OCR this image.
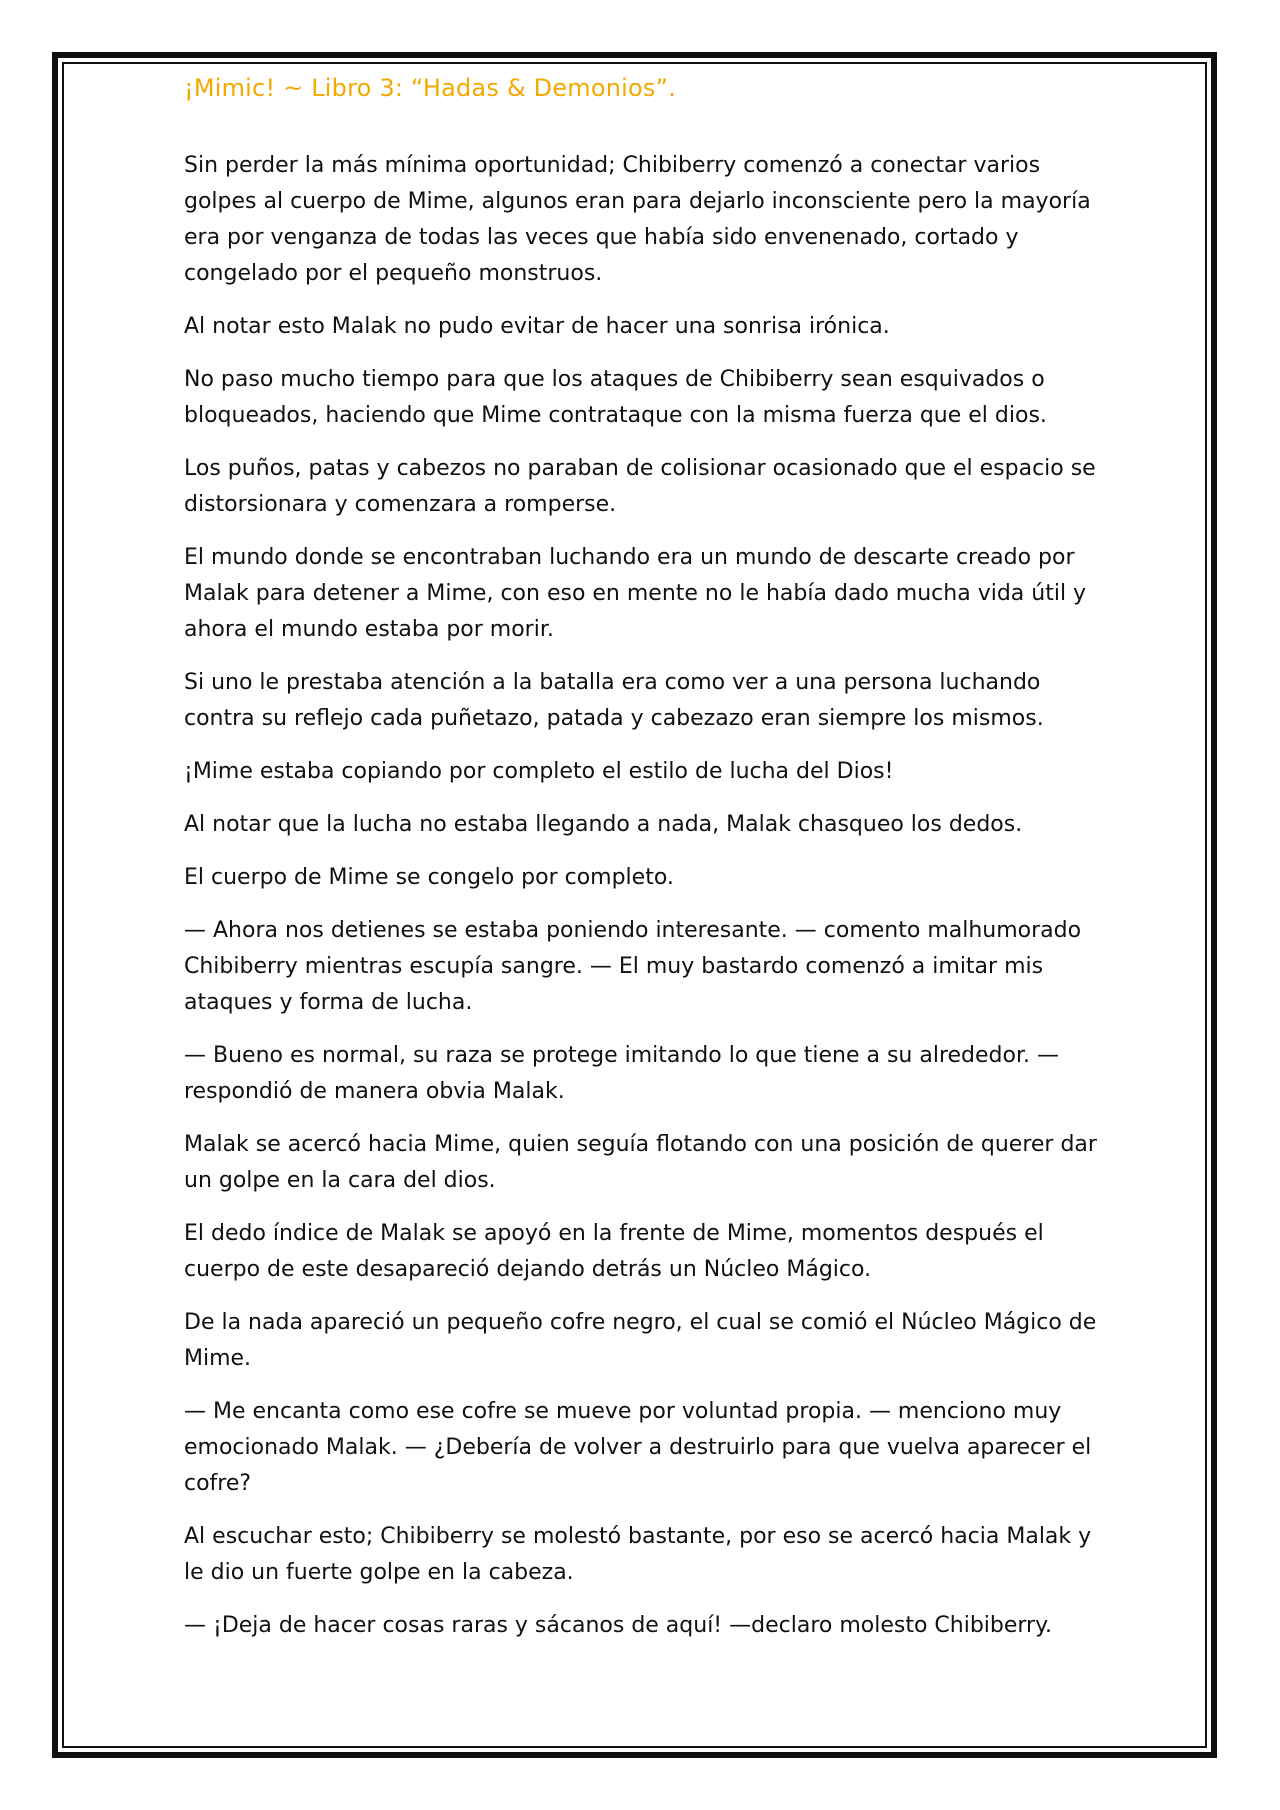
¡Mimic! ~ Libro 3: “Hadas & Demonios”.

Sin perder la más mínima oportunidad; Chibiberry comenzó a conectar varios golpes al cuerpo de Mime, algunos eran para dejarlo inconsciente pero la mayoría era por venganza de todas las veces que había sido envenenado, cortado y congelado por el pequeño monstruos.

Al notar esto Malak no pudo evitar de hacer una sonrisa irónica.

No paso mucho tiempo para que los ataques de Chibiberry sean esquivados o bloqueados, haciendo que Mime contrataque con la misma fuerza que el dios.

Los puños, patas y cabezos no paraban de colisionar ocasionado que el espacio se distorsionara y comenzara a romperse.

El mundo donde se encontraban luchando era un mundo de descarte creado por Malak para detener a Mime, con eso en mente no le había dado mucha vida útil y ahora el mundo estaba por morir.

Si uno le prestaba atención a la batalla era como ver a una persona luchando contra su reflejo cada puñetazo, patada y cabezazo eran siempre los mismos.

¡Mime estaba copiando por completo el estilo de lucha del Dios!

Al notar que la lucha no estaba llegando a nada, Malak chasqueo los dedos.

El cuerpo de Mime se congelo por completo.

— Ahora nos detienes se estaba poniendo interesante. — comento malhumorado Chibiberry mientras escupía sangre. — El muy bastardo comenzó a imitar mis ataques y forma de lucha.

— Bueno es normal, su raza se protege imitando lo que tiene a su alrededor. — respondió de manera obvia Malak.

Malak se acercó hacia Mime, quien seguía flotando con una posición de querer dar un golpe en la cara del dios.

El dedo índice de Malak se apoyó en la frente de Mime, momentos después el cuerpo de este desapareció dejando detrás un Núcleo Mágico.

De la nada apareció un pequeño cofre negro, el cual se comió el Núcleo Mágico de Mime.

— Me encanta como ese cofre se mueve por voluntad propia. — menciono muy emocionado Malak. — ¿Debería de volver a destruirlo para que vuelva aparecer el cofre?

Al escuchar esto; Chibiberry se molestó bastante, por eso se acercó hacia Malak y le dio un fuerte golpe en la cabeza.

— ¡Deja de hacer cosas raras y sácanos de aquí! —declaro molesto Chibiberry.
